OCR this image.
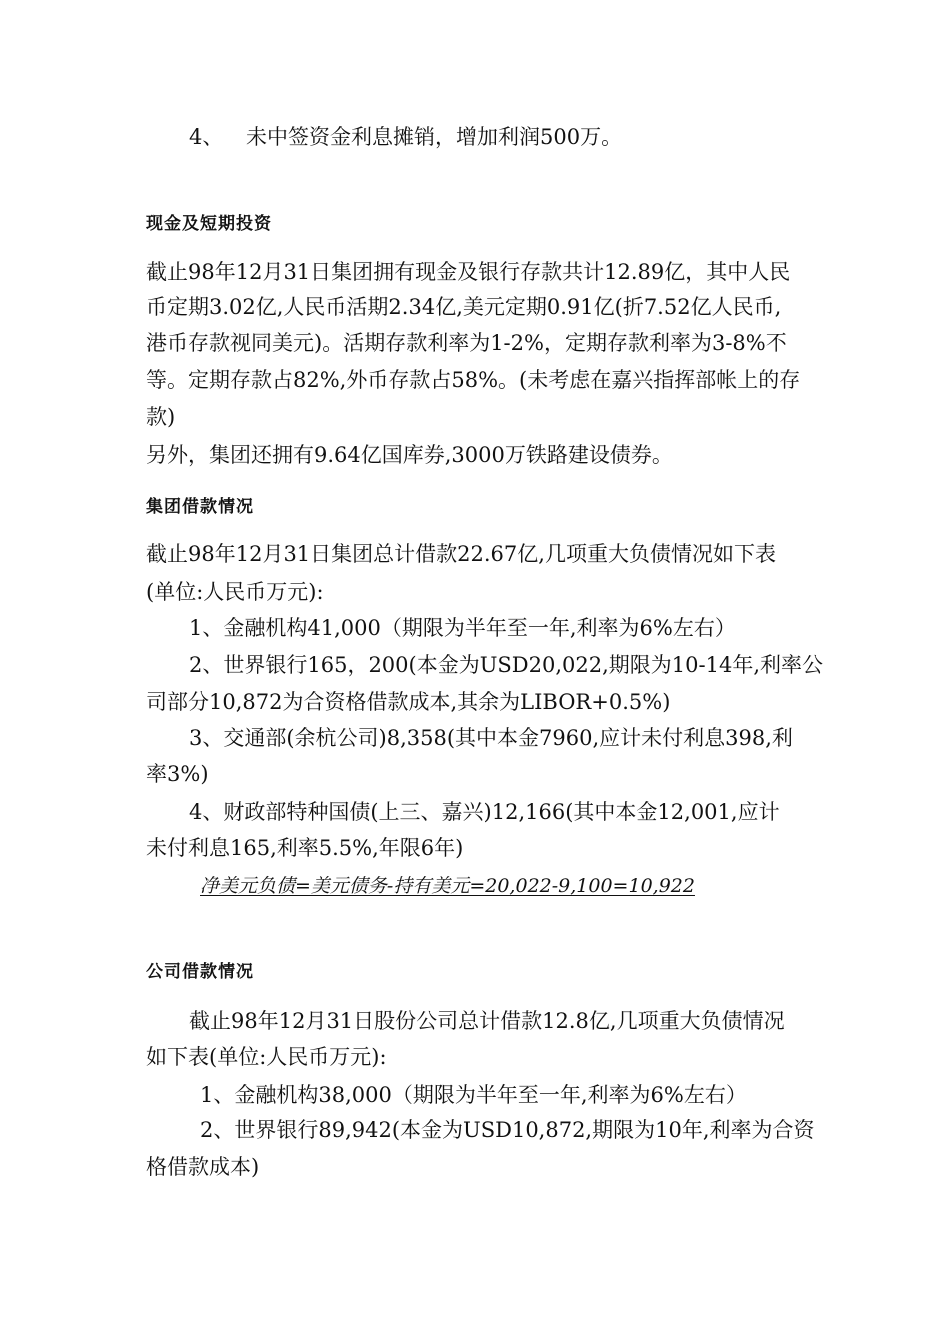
4、 未中签资金利息摊销，增加利润500万。
现金及短期投资
截止98年12月31日集团拥有现金及银行存款共计12.89亿，其中人民
币定期3.02亿,人民币活期2.34亿,美元定期0.91亿(折7.52亿人民币,
港币存款视同美元)。活期存款利率为1-2%，定期存款利率为3-8%不
等。定期存款占82%,外币存款占58%。(未考虑在嘉兴指挥部帐上的存
款)
另外，集团还拥有9.64亿国库券,3000万铁路建设债券。
集团借款情况
截止98年12月31日集团总计借款22.67亿,几项重大负债情况如下表
(单位:人民币万元):
1、金融机构41,000（期限为半年至一年,利率为6%左右）
2、世界银行165，200(本金为USD20,022,期限为10-14年,利率公
司部分10,872为合资格借款成本,其余为LIBOR+0.5%)
3、交通部(余杭公司)8,358(其中本金7960,应计未付利息398,利
率3%)
4、财政部特种国债(上三、嘉兴)12,166(其中本金12,001,应计
未付利息165,利率5.5%,年限6年)
净美元负债=美元债务-持有美元=20,022-9,100=10,922
公司借款情况
截止98年12月31日股份公司总计借款12.8亿,几项重大负债情况
如下表(单位:人民币万元):
1、金融机构38,000（期限为半年至一年,利率为6%左右）
2、世界银行89,942(本金为USD10,872,期限为10年,利率为合资
格借款成本)
